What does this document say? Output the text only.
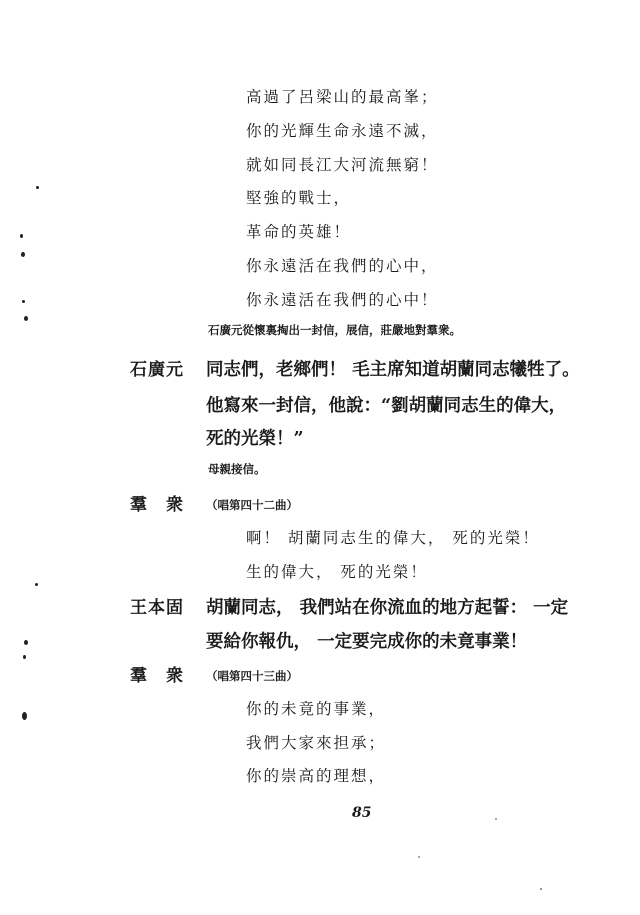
高過了呂梁山的最高峯；
你的光輝生命永遠不滅，
就如同長江大河流無窮！
堅強的戰士，
革命的英雄！
你永遠活在我們的心中，
你永遠活在我們的心中！
石廣元從懷裏掏出一封信，展信，莊嚴地對羣衆。
石廣元 同志們，老鄉們！ 毛主席知道胡蘭同志犧牲了。
他寫來一封信，他說：“劉胡蘭同志生的偉大，
死的光榮！”
母親接信。
羣　衆 （唱第四十二曲）
啊！ 胡蘭同志生的偉大， 死的光榮！
生的偉大， 死的光榮！
王本固 胡蘭同志， 我們站在你流血的地方起誓： 一定
要給你報仇， 一定要完成你的未竟事業！
羣　衆 （唱第四十三曲）
你的未竟的事業，
我們大家來担承；
你的崇高的理想，
85
